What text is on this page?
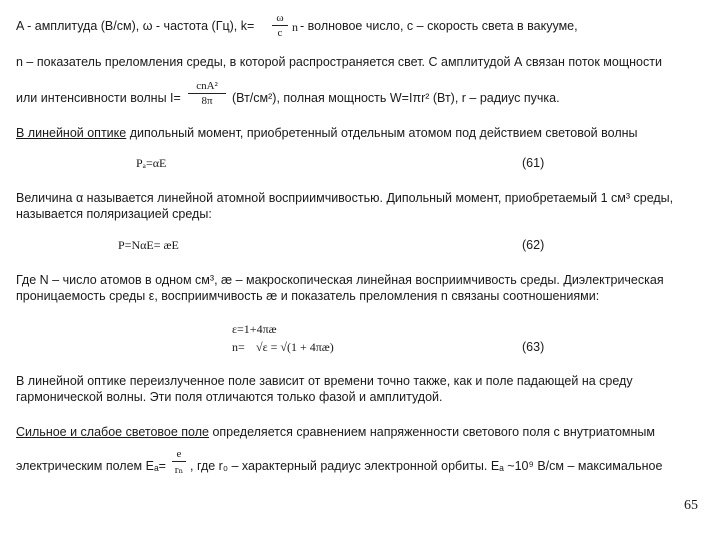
A - амплитуда (В/см), ω - частота (Гц), k=
ω
c n - волновое число, c – скорость света в вакууме,
n – показатель преломления среды, в которой распространяется свет. С амплитудой А связан поток мощности
или интенсивности волны I=
cnA²
8π	(Вт/см²), полная мощность W=Iπr² (Вт), r – радиус пучка.
В линейной оптике дипольный момент, приобретенный отдельным атомом под действием световой волны
Pₐ=αE	(61)
Величина α называется линейной атомной восприимчивостью. Дипольный момент, приобретаемый 1 см³ среды,
называется поляризацией среды:
P=NαE= æE	(62)
Где N – число атомов в одном см³, æ – макроскопическая линейная восприимчивость среды. Диэлектрическая
проницаемость среды ε, восприимчивость æ и показатель преломления n связаны соотношениями:
ε=1+4πæ
n= √ε = √(1 + 4πæ)	(63)
В линейной оптике переизлученное поле зависит от времени точно также, как и поле падающей на среду
гармонической волны. Эти поля отличаются только фазой и амплитудой.
Сильное и слабое световое поле определяется сравнением напряженности светового поля с внутриатомным
электрическим полем Eₐ=
e
rₙ , где r₀ – характерный радиус электронной орбиты. Eₐ ~10⁹ В/см – максимальное
65
